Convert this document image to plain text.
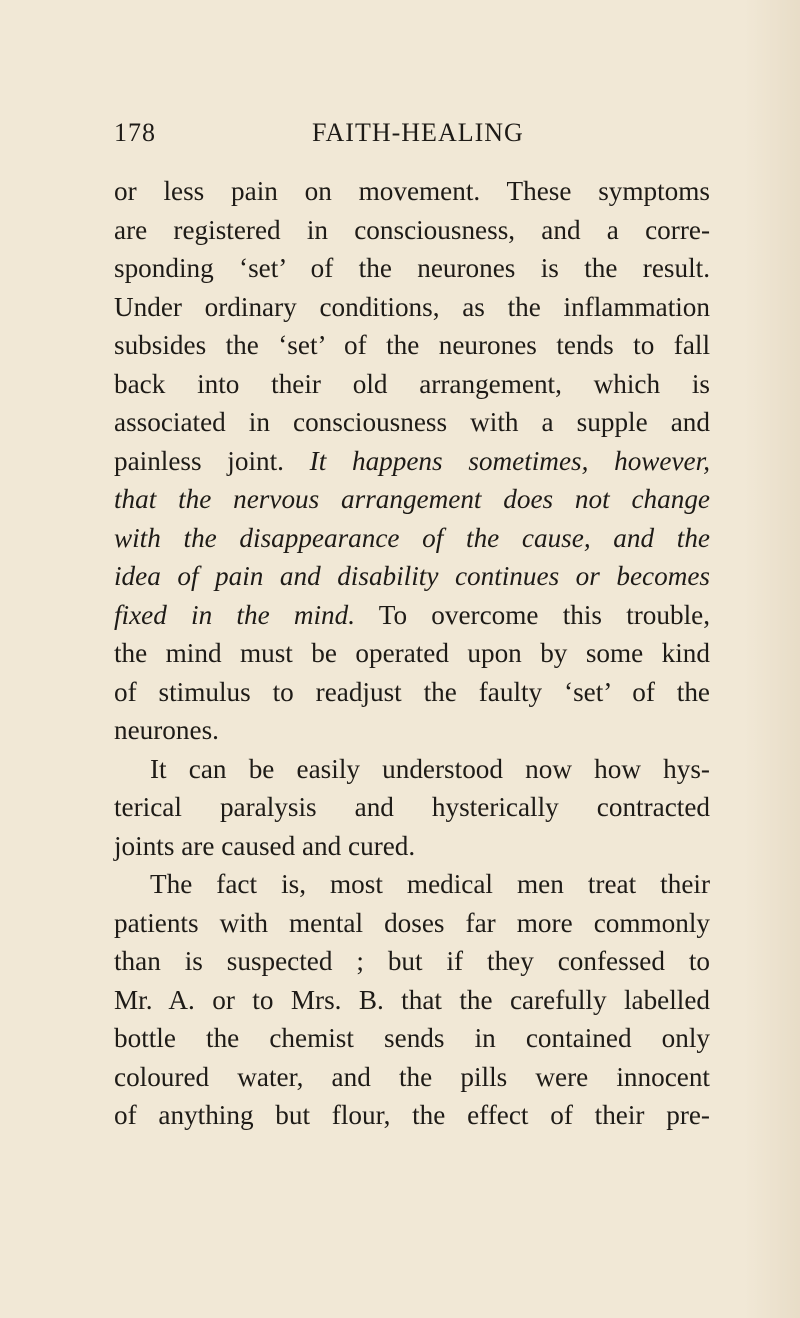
178	FAITH-HEALING
or less pain on movement. These symptoms
are registered in consciousness, and a corre-
sponding ‘set’ of the neurones is the result.
Under ordinary conditions, as the inflammation
subsides the ‘set’ of the neurones tends to fall
back into their old arrangement, which is
associated in consciousness with a supple and
painless joint. It happens sometimes, however,
that the nervous arrangement does not change
with the disappearance of the cause, and the
idea of pain and disability continues or becomes
fixed in the mind. To overcome this trouble,
the mind must be operated upon by some kind
of stimulus to readjust the faulty ‘set’ of the
neurones.
It can be easily understood now how hys-
terical paralysis and hysterically contracted
joints are caused and cured.
The fact is, most medical men treat their
patients with mental doses far more commonly
than is suspected ; but if they confessed to
Mr. A. or to Mrs. B. that the carefully labelled
bottle the chemist sends in contained only
coloured water, and the pills were innocent
of anything but flour, the effect of their pre-
